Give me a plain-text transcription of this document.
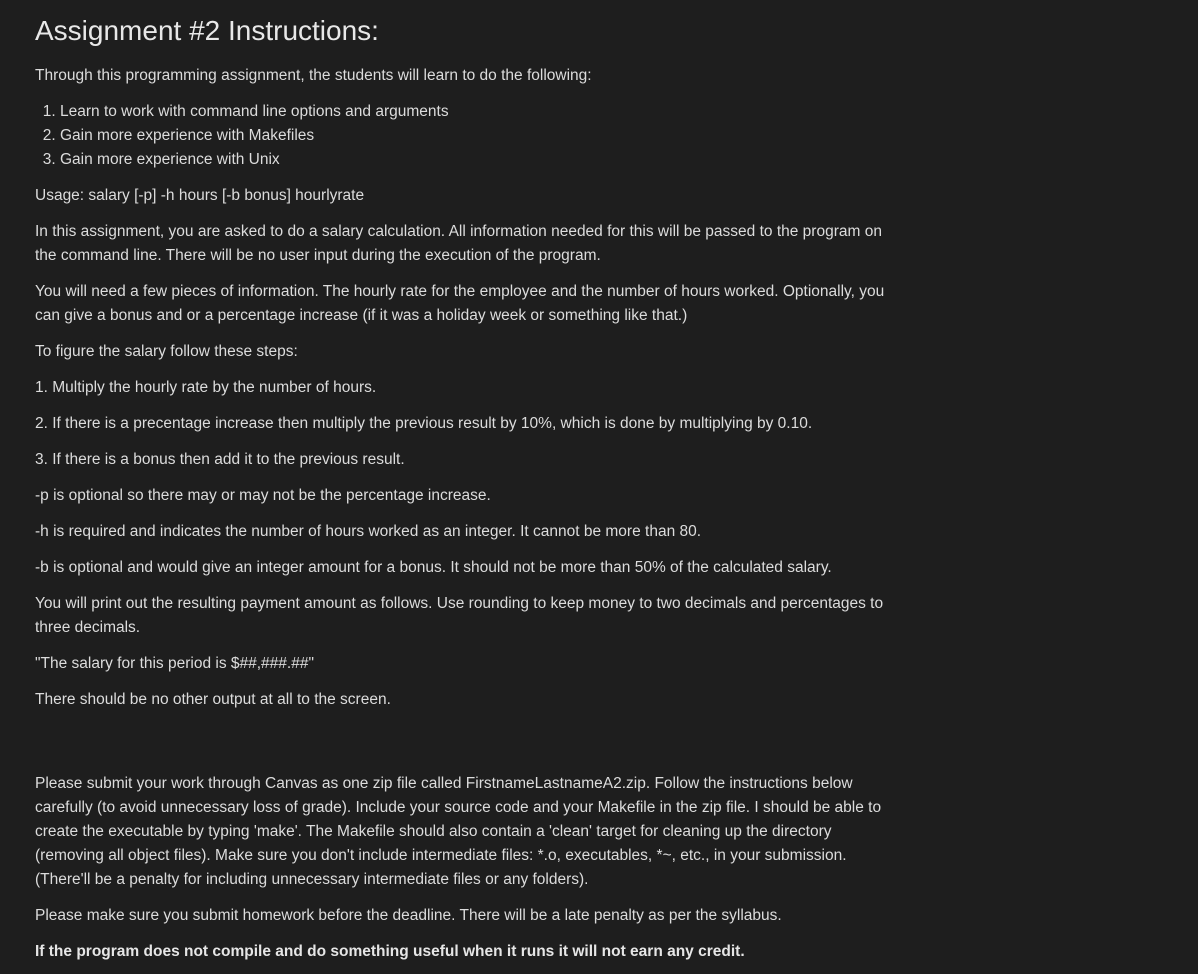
Assignment #2 Instructions:

Through this programming assignment, the students will learn to do the following:

1. Learn to work with command line options and arguments
2. Gain more experience with Makefiles
3. Gain more experience with Unix

Usage: salary [-p] -h hours [-b bonus] hourlyrate

In this assignment, you are asked to do a salary calculation. All information needed for this will be passed to the program on the command line. There will be no user input during the execution of the program.

You will need a few pieces of information. The hourly rate for the employee and the number of hours worked. Optionally, you can give a bonus and or a percentage increase (if it was a holiday week or something like that.)

To figure the salary follow these steps:

1. Multiply the hourly rate by the number of hours.

2. If there is a precentage increase then multiply the previous result by 10%, which is done by multiplying by 0.10.

3. If there is a bonus then add it to the previous result.

-p is optional so there may or may not be the percentage increase.

-h is required and indicates the number of hours worked as an integer. It cannot be more than 80.

-b is optional and would give an integer amount for a bonus. It should not be more than 50% of the calculated salary.

You will print out the resulting payment amount as follows. Use rounding to keep money to two decimals and percentages to three decimals.

"The salary for this period is $##,###.##"

There should be no other output at all to the screen.

Please submit your work through Canvas as one zip file called FirstnameLastnameA2.zip. Follow the instructions below carefully (to avoid unnecessary loss of grade). Include your source code and your Makefile in the zip file. I should be able to create the executable by typing 'make'. The Makefile should also contain a 'clean' target for cleaning up the directory (removing all object files). Make sure you don't include intermediate files: *.o, executables, *~, etc., in your submission. (There'll be a penalty for including unnecessary intermediate files or any folders).

Please make sure you submit homework before the deadline. There will be a late penalty as per the syllabus.

If the program does not compile and do something useful when it runs it will not earn any credit.
